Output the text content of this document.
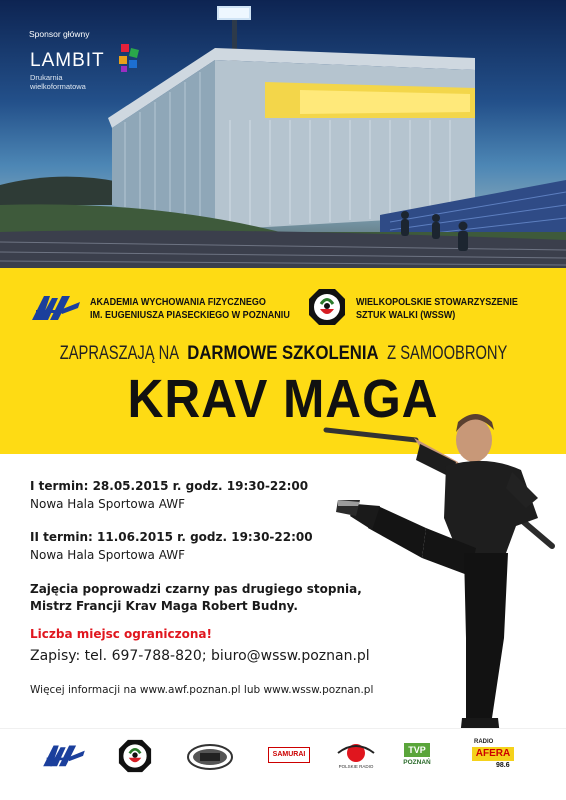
Sponsor główny
LAMBIT
Drukarnia wielkoformatowa
AKADEMIA WYCHOWANIA FIZYCZNEGO
IM. EUGENIUSZA PIASECKIEGO W POZNANIU
WIELKOPOLSKIE STOWARZYSZENIE
SZTUK WALKI (WSSW)
ZAPRASZAJĄ NADARMOWE SZKOLENIAZ SAMOOBRONY
KRAV MAGA
I termin: 28.05.2015 r. godz. 19:30-22:00
Nowa Hala Sportowa AWF
II termin: 11.06.2015 r. godz. 19:30-22:00
Nowa Hala Sportowa AWF
Zajęcia poprowadzi czarny pas drugiego stopnia,
Mistrz Francji Krav Maga Robert Budny.
Liczba miejsc ograniczona!
Zapisy: tel. 697-788-820; biuro@wssw.poznan.pl
Więcej informacji na www.awf.poznan.pl lub www.wssw.poznan.pl
SAMURAI
POLSKIE RADIO
TVP
POZNAŃ
RADIO
AFERA
98.6
